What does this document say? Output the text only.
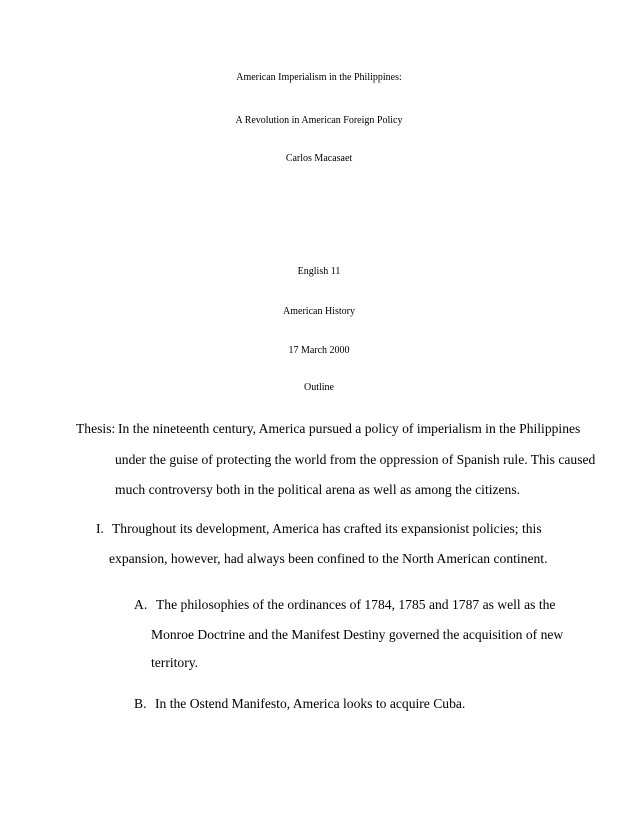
American Imperialism in the Philippines:
A Revolution in American Foreign Policy
Carlos Macasaet
English 11
American History
17 March 2000
Outline
Thesis: In the nineteenth century, America pursued a policy of imperialism in the Philippines
under the guise of protecting the world from the oppression of Spanish rule. This caused
much controversy both in the political arena as well as among the citizens.
I. Throughout its development, America has crafted its expansionist policies; this
expansion, however, had always been confined to the North American continent.
A. The philosophies of the ordinances of 1784, 1785 and 1787 as well as the
Monroe Doctrine and the Manifest Destiny governed the acquisition of new
territory.
B. In the Ostend Manifesto, America looks to acquire Cuba.
